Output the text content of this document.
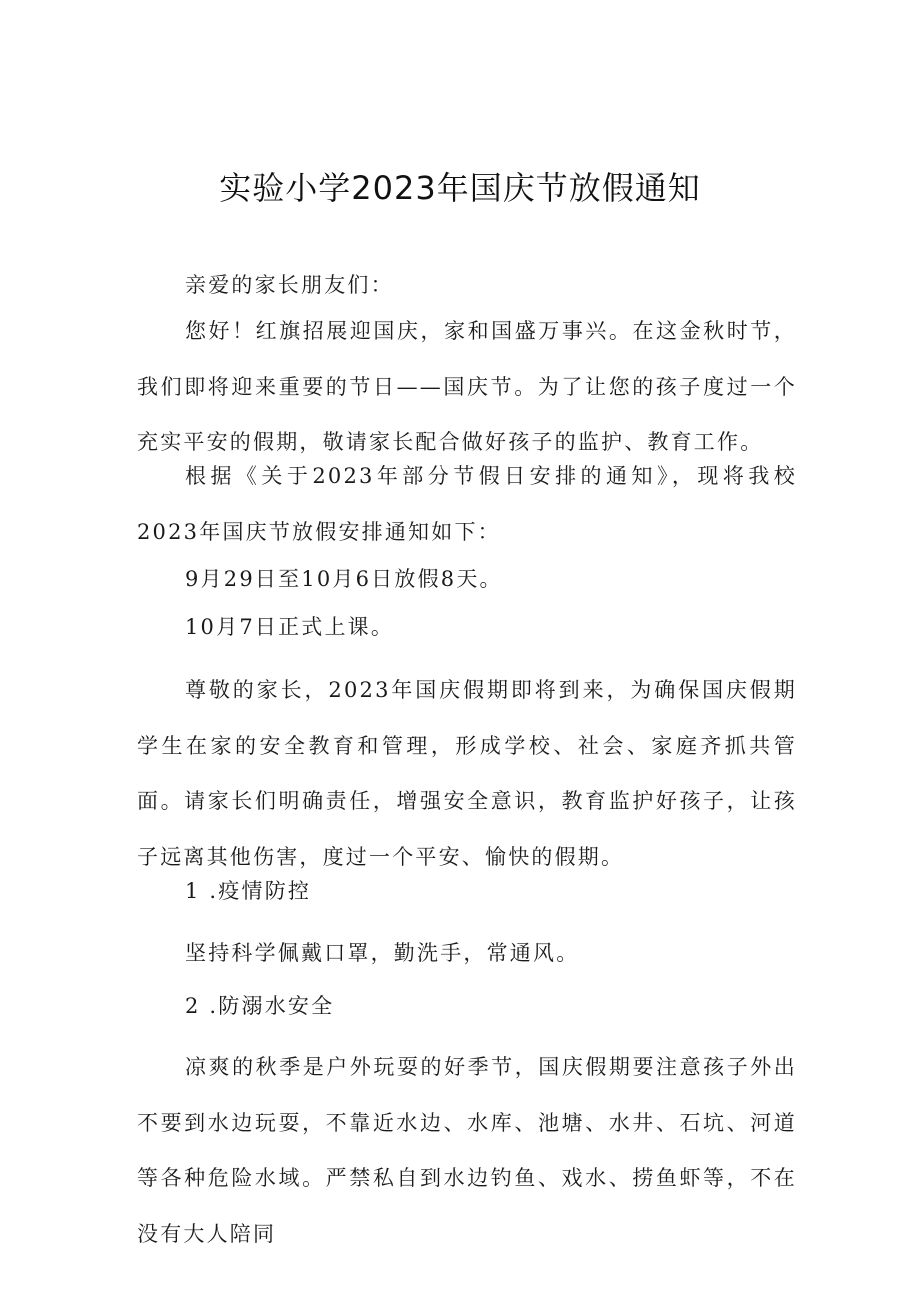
实验小学2023年国庆节放假通知

亲爱的家长朋友们：

您好！红旗招展迎国庆，家和国盛万事兴。在这金秋时节，我们即将迎来重要的节日——国庆节。为了让您的孩子度过一个充实平安的假期，敬请家长配合做好孩子的监护、教育工作。

根据《关于2023年部分节假日安排的通知》，现将我校2023年国庆节放假安排通知如下：

9月29日至10月6日放假8天。

10月7日正式上课。

尊敬的家长，2023年国庆假期即将到来，为确保国庆假期学生在家的安全教育和管理，形成学校、社会、家庭齐抓共管面。请家长们明确责任，增强安全意识，教育监护好孩子，让孩子远离其他伤害，度过一个平安、愉快的假期。

1 .疫情防控

坚持科学佩戴口罩，勤洗手，常通风。

2 .防溺水安全

凉爽的秋季是户外玩耍的好季节，国庆假期要注意孩子外出不要到水边玩耍，不靠近水边、水库、池塘、水井、石坑、河道等各种危险水域。严禁私自到水边钓鱼、戏水、捞鱼虾等，不在没有大人陪同
